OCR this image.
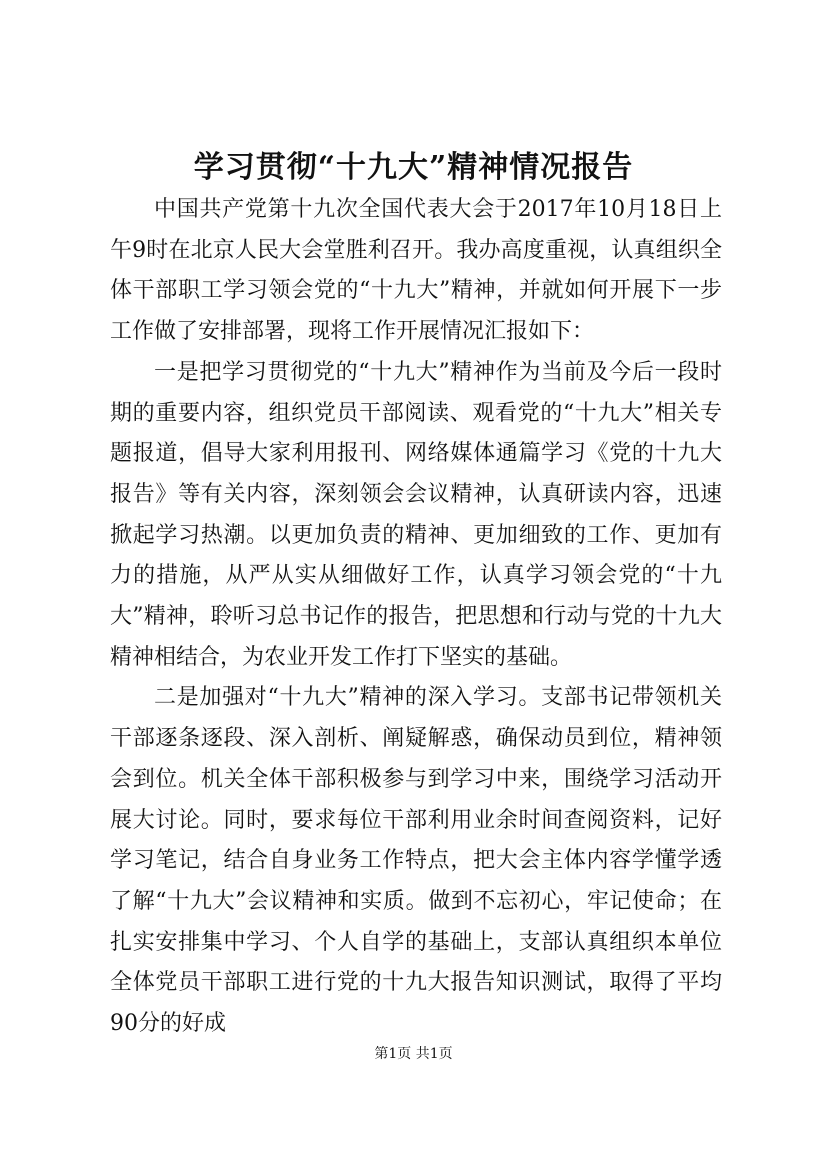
学习贯彻“十九大”精神情况报告

中国共产党第十九次全国代表大会于2017年10月18日上午9时在北京人民大会堂胜利召开。我办高度重视，认真组织全体干部职工学习领会党的“十九大”精神，并就如何开展下一步工作做了安排部署，现将工作开展情况汇报如下：

一是把学习贯彻党的“十九大”精神作为当前及今后一段时期的重要内容，组织党员干部阅读、观看党的“十九大”相关专题报道，倡导大家利用报刊、网络媒体通篇学习《党的十九大报告》等有关内容，深刻领会会议精神，认真研读内容，迅速掀起学习热潮。以更加负责的精神、更加细致的工作、更加有力的措施，从严从实从细做好工作，认真学习领会党的“十九大”精神，聆听习总书记作的报告，把思想和行动与党的十九大精神相结合，为农业开发工作打下坚实的基础。

二是加强对“十九大”精神的深入学习。支部书记带领机关干部逐条逐段、深入剖析、阐疑解惑，确保动员到位，精神领会到位。机关全体干部积极参与到学习中来，围绕学习活动开展大讨论。同时，要求每位干部利用业余时间查阅资料，记好学习笔记，结合自身业务工作特点，把大会主体内容学懂学透了解“十九大”会议精神和实质。做到不忘初心，牢记使命；在扎实安排集中学习、个人自学的基础上，支部认真组织本单位全体党员干部职工进行党的十九大报告知识测试，取得了平均90分的好成

第1页 共1页
